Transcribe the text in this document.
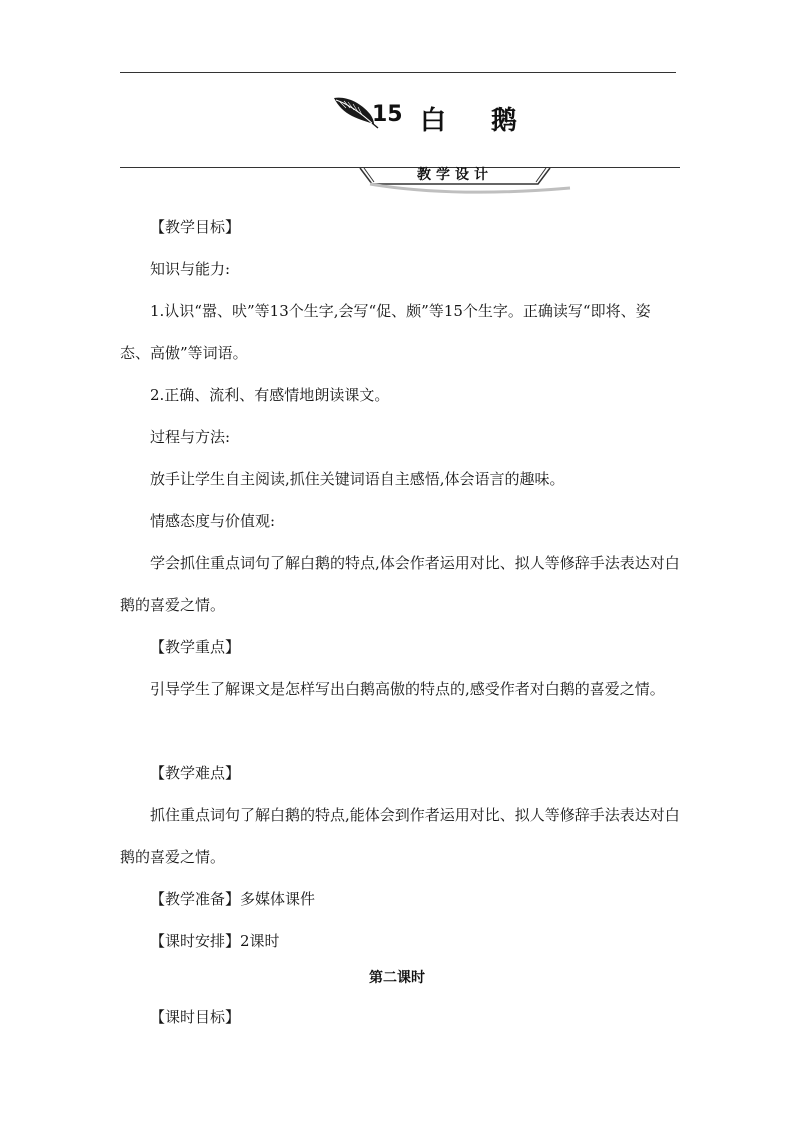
15 白 鹅
教学设计

【教学目标】

知识与能力:

1.认识“嚣、吠”等13个生字,会写“促、颇”等15个生字。正确读写“即将、姿态、高傲”等词语。

2.正确、流利、有感情地朗读课文。

过程与方法:

放手让学生自主阅读,抓住关键词语自主感悟,体会语言的趣味。

情感态度与价值观:

学会抓住重点词句了解白鹅的特点,体会作者运用对比、拟人等修辞手法表达对白鹅的喜爱之情。

【教学重点】

引导学生了解课文是怎样写出白鹅高傲的特点的,感受作者对白鹅的喜爱之情。

【教学难点】

抓住重点词句了解白鹅的特点,能体会到作者运用对比、拟人等修辞手法表达对白鹅的喜爱之情。

【教学准备】多媒体课件

【课时安排】2课时

第二课时

【课时目标】
